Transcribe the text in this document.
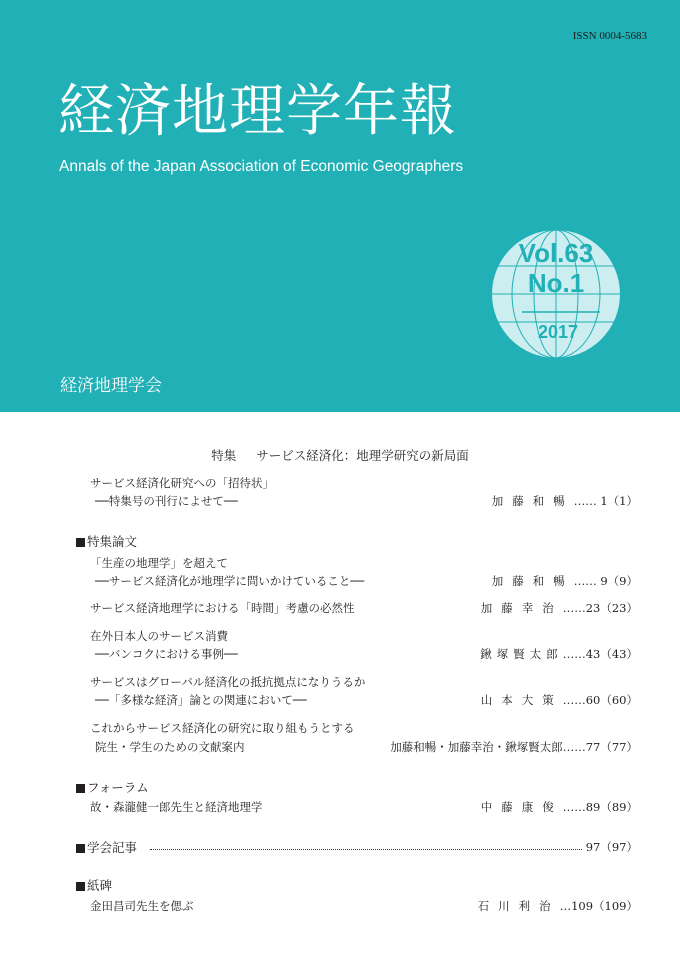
ISSN 0004-5683
経済地理学年報
Annals of the Japan Association of Economic Geographers
Vol.63
No.1
2017
経済地理学会
特集 サービス経済化：地理学研究の新局面
サービス経済化研究への「招待状」
──特集号の刊行によせて──	加藤和暢…… 1（1）
特集論文
「生産の地理学」を超えて
──サービス経済化が地理学に問いかけていること──	加藤和暢…… 9（9）
サービス経済地理学における「時間」考慮の必然性	加藤幸治……23（23）
在外日本人のサービス消費
──バンコクにおける事例──	鍬塚賢太郎……43（43）
サービスはグローバル経済化の抵抗拠点になりうるか
──「多様な経済」論との関連において──	山本大策……60（60）
これからサービス経済化の研究に取り組もうとする
院生・学生のための文献案内	加藤和暢・加藤幸治・鍬塚賢太郎……77（77）
フォーラム
故・森瀧健一郎先生と経済地理学	中藤康俊……89（89）
学会記事	97（97）
紙碑
金田昌司先生を偲ぶ	石川利治…109（109）
